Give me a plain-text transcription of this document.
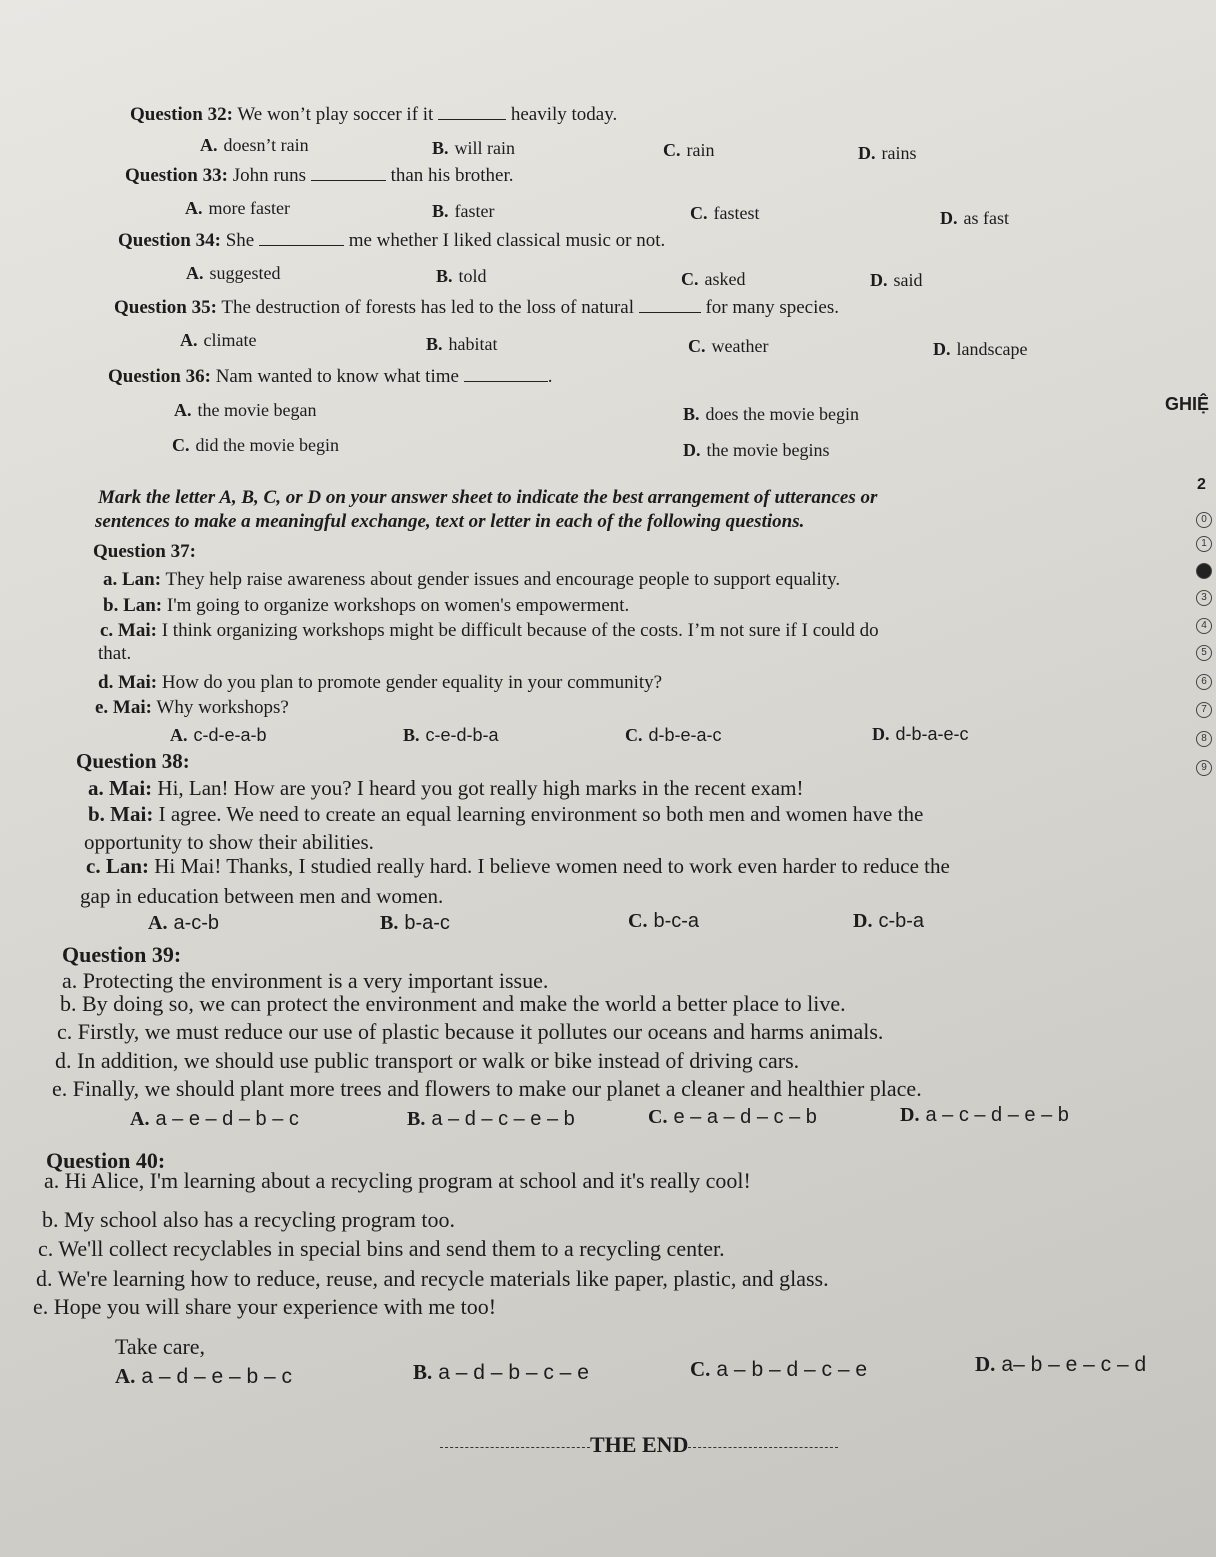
Question 32: We won’t play soccer if it	heavily today.
A. doesn’t rain	B. will rain	C. rain	D. rains
Question 33: John runs	than his brother.
A. more faster	B. faster	C. fastest	D. as fast
Question 34: She	me whether I liked classical music or not.
A. suggested	B. told	C. asked	D. said
Question 35: The destruction of forests has led to the loss of natural	for many species.
A. climate	B. habitat	C. weather	D. landscape
Question 36: Nam wanted to know what time	.
A. the movie began	B. does the movie begin
C. did the movie begin	D. the movie begins
Mark the letter A, B, C, or D on your answer sheet to indicate the best arrangement of utterances or
sentences to make a meaningful exchange, text or letter in each of the following questions.
Question 37:
a. Lan: They help raise awareness about gender issues and encourage people to support equality.
b. Lan: I'm going to organize workshops on women's empowerment.
c. Mai: I think organizing workshops might be difficult because of the costs. I’m not sure if I could do
that.
d. Mai: How do you plan to promote gender equality in your community?
e. Mai: Why workshops?
A. c-d-e-a-b	B. c-e-d-b-a	C. d-b-e-a-c	D. d-b-a-e-c
Question 38:
a. Mai: Hi, Lan! How are you? I heard you got really high marks in the recent exam!
b. Mai: I agree. We need to create an equal learning environment so both men and women have the
opportunity to show their abilities.
c. Lan: Hi Mai! Thanks, I studied really hard. I believe women need to work even harder to reduce the
gap in education between men and women.
A. a-c-b	B. b-a-c	C. b-c-a	D. c-b-a
Question 39:
a. Protecting the environment is a very important issue.
b. By doing so, we can protect the environment and make the world a better place to live.
c. Firstly, we must reduce our use of plastic because it pollutes our oceans and harms animals.
d. In addition, we should use public transport or walk or bike instead of driving cars.
e. Finally, we should plant more trees and flowers to make our planet a cleaner and healthier place.
A. a – e – d – b – c	B. a – d – c – e – b	C. e – a – d – c – b	D. a – c – d – e – b
Question 40:
a. Hi Alice, I'm learning about a recycling program at school and it's really cool!
b. My school also has a recycling program too.
c. We'll collect recyclables in special bins and send them to a recycling center.
d. We're learning how to reduce, reuse, and recycle materials like paper, plastic, and glass.
e. Hope you will share your experience with me too!
Take care,
A. a – d – e – b – c	B. a – d – b – c – e	C. a – b – d – c – e	D. a– b – e – c – d
THE END
GHIỆ
2
0
1
3
4
5
6
7
8
9
